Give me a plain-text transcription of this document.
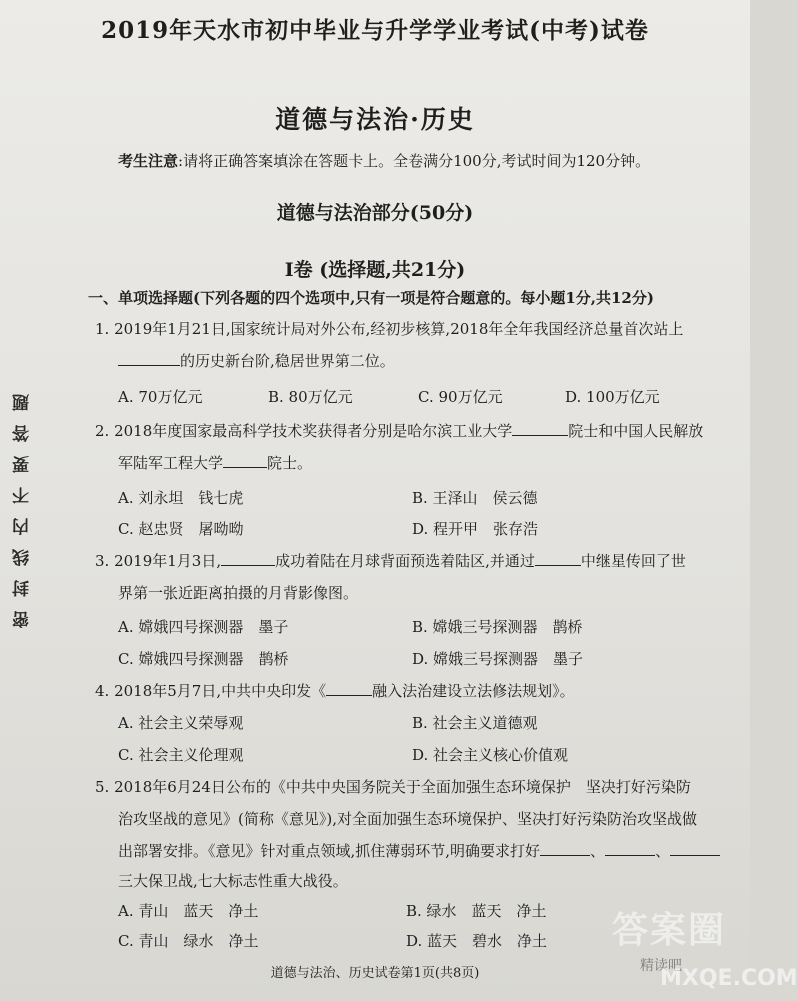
密封线内不要答题
2019年天水市初中毕业与升学学业考试(中考)试卷
道德与法治·历史
考生注意:请将正确答案填涂在答题卡上。全卷满分100分,考试时间为120分钟。
道德与法治部分(50分)
I卷 (选择题,共21分)
一、单项选择题(下列各题的四个选项中,只有一项是符合题意的。每小题1分,共12分)
1. 2019年1月21日,国家统计局对外公布,经初步核算,2018年全年我国经济总量首次站上
的历史新台阶,稳居世界第二位。
A. 70万亿元	B. 80万亿元	C. 90万亿元	D. 100万亿元
2. 2018年度国家最高科学技术奖获得者分别是哈尔滨工业大学	院士和中国人民解放
军陆军工程大学	院士。
A. 刘永坦　钱七虎	B. 王泽山　侯云德
C. 赵忠贤　屠呦呦	D. 程开甲　张存浩
3. 2019年1月3日,	成功着陆在月球背面预选着陆区,并通过	中继星传回了世
界第一张近距离拍摄的月背影像图。
A. 嫦娥四号探测器　墨子	B. 嫦娥三号探测器　鹊桥
C. 嫦娥四号探测器　鹊桥	D. 嫦娥三号探测器　墨子
4. 2018年5月7日,中共中央印发《	融入法治建设立法修法规划》。
A. 社会主义荣辱观	B. 社会主义道德观
C. 社会主义伦理观	D. 社会主义核心价值观
5. 2018年6月24日公布的《中共中央国务院关于全面加强生态环境保护　坚决打好污染防
治攻坚战的意见》(简称《意见》),对全面加强生态环境保护、坚决打好污染防治攻坚战做
出部署安排。《意见》针对重点领域,抓住薄弱环节,明确要求打好	、	、
三大保卫战,七大标志性重大战役。
A. 青山　蓝天　净土	B. 绿水　蓝天　净土
C. 青山　绿水　净土	D. 蓝天　碧水　净土 答案圈
道德与法治、历史试卷第1页(共8页)	精读吧
MXQE.COM
